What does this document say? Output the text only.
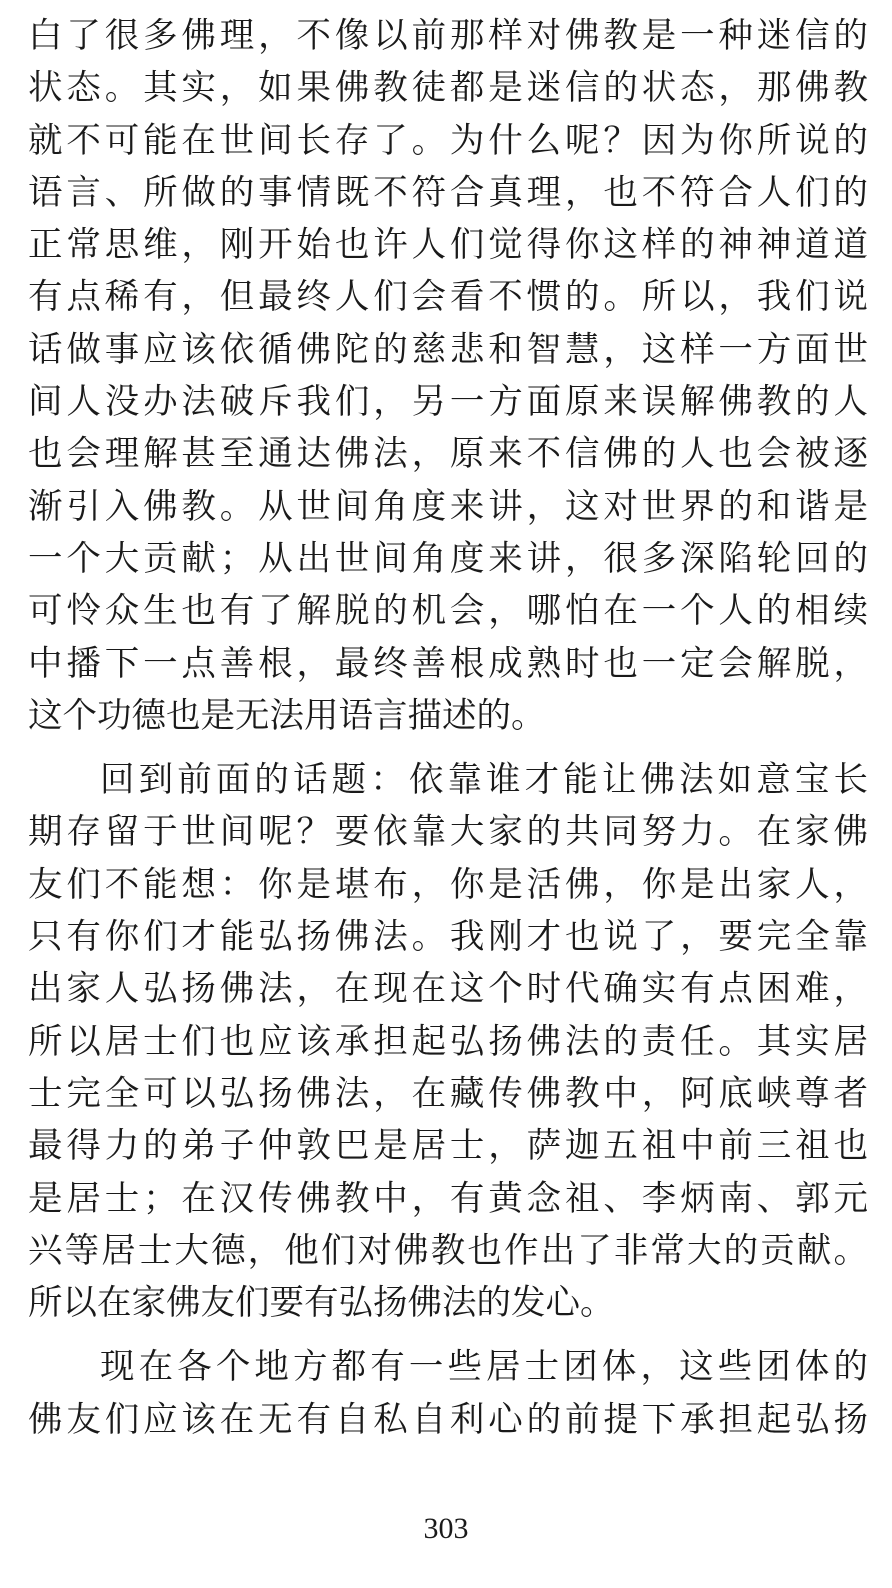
白了很多佛理，不像以前那样对佛教是一种迷信的
状态。其实，如果佛教徒都是迷信的状态，那佛教
就不可能在世间长存了。为什么呢？因为你所说的
语言、所做的事情既不符合真理，也不符合人们的
正常思维，刚开始也许人们觉得你这样的神神道道
有点稀有，但最终人们会看不惯的。所以，我们说
话做事应该依循佛陀的慈悲和智慧，这样一方面世
间人没办法破斥我们，另一方面原来误解佛教的人
也会理解甚至通达佛法，原来不信佛的人也会被逐
渐引入佛教。从世间角度来讲，这对世界的和谐是
一个大贡献；从出世间角度来讲，很多深陷轮回的
可怜众生也有了解脱的机会，哪怕在一个人的相续
中播下一点善根，最终善根成熟时也一定会解脱，
这个功德也是无法用语言描述的。
回到前面的话题：依靠谁才能让佛法如意宝长
期存留于世间呢？要依靠大家的共同努力。在家佛
友们不能想：你是堪布，你是活佛，你是出家人，
只有你们才能弘扬佛法。我刚才也说了，要完全靠
出家人弘扬佛法，在现在这个时代确实有点困难，
所以居士们也应该承担起弘扬佛法的责任。其实居
士完全可以弘扬佛法，在藏传佛教中，阿底峡尊者
最得力的弟子仲敦巴是居士，萨迦五祖中前三祖也
是居士；在汉传佛教中，有黄念祖、李炳南、郭元
兴等居士大德，他们对佛教也作出了非常大的贡献。
所以在家佛友们要有弘扬佛法的发心。
现在各个地方都有一些居士团体，这些团体的
佛友们应该在无有自私自利心的前提下承担起弘扬
303
